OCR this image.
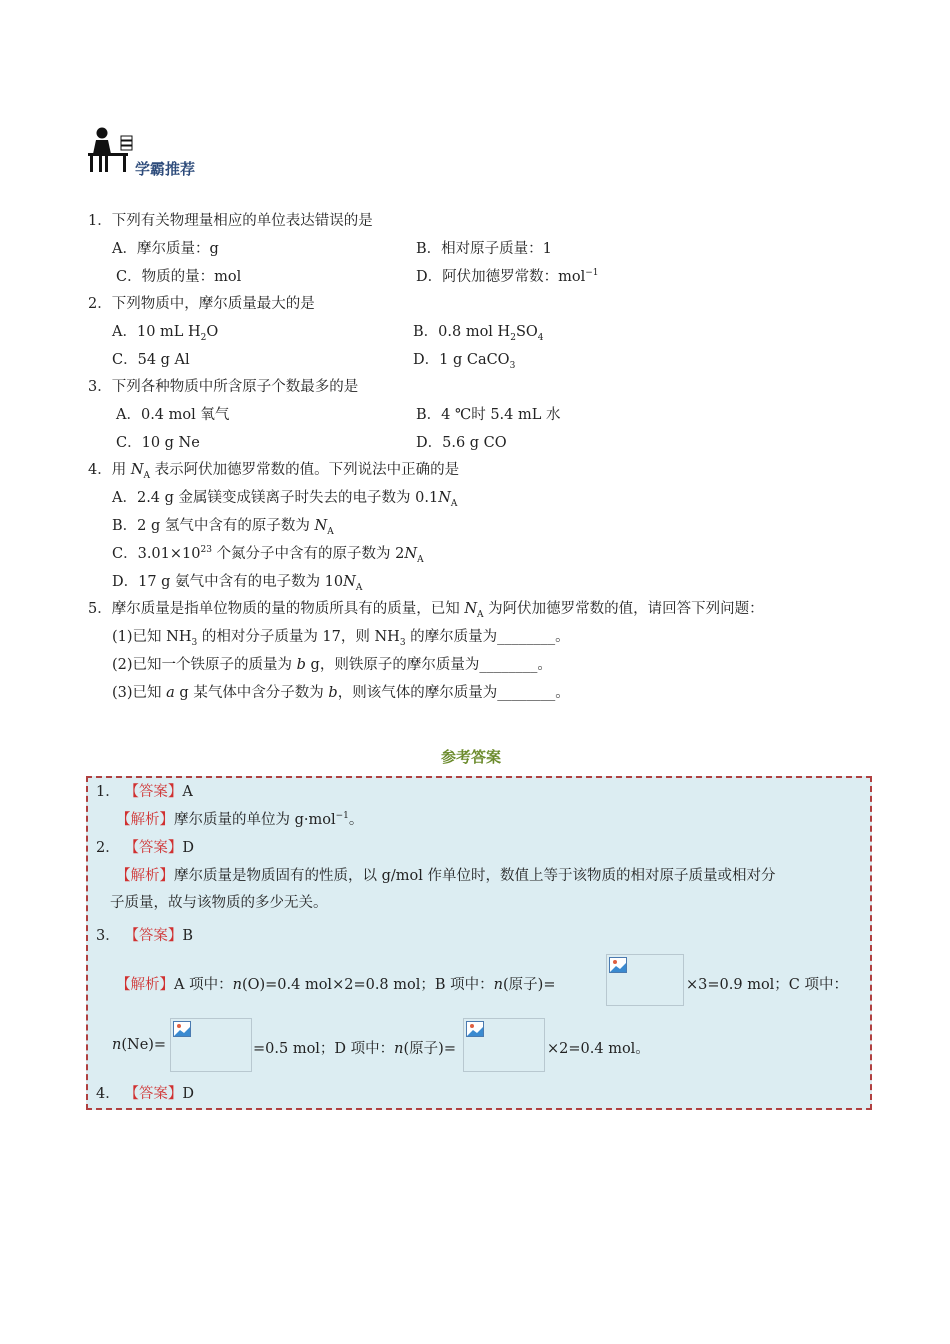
学霸推荐
1．下列有关物理量相应的单位表达错误的是
A．摩尔质量：g	B．相对原子质量：1
C．物质的量：mol	D．阿伏加德罗常数：mol$^{-1}$
2．下列物质中，摩尔质量最大的是
A．10 mL $H_2O$	B．0.8 mol $H_2SO_4$
C．54 g Al	D．1 g CaCO$_3$
3．下列各种物质中所含原子个数最多的是
A．0.4 mol 氧气	B．4 ℃时 5.4 mL 水
C．10 g Ne	D．5.6 g CO
4．用 $N_A$ 表示阿伏加德罗常数的值。下列说法中正确的是
A．2.4 g 金属镁变成镁离子时失去的电子数为 $0.1N_A$
B．2 g 氢气中含有的原子数为 $N_A$
C．$3.01\times 10^{23}$ 个氮分子中含有的原子数为 $2N_A$
D．17 g 氨气中含有的电子数为 $10N_A$
5．摩尔质量是指单位物质的量的物质所具有的质量，已知 $N_A$ 为阿伏加德罗常数的值，请回答下列问题：
(1)已知 $NH_3$ 的相对分子质量为 17，则 $NH_3$ 的摩尔质量为________。
(2)已知一个铁原子的质量为 b g，则铁原子的摩尔质量为________。
(3)已知 a g 某气体中含分子数为 b，则该气体的摩尔质量为________。
参考答案
1． 【答案】A
【解析】摩尔质量的单位为 g·mol$^{-1}$。
2． 【答案】D
【解析】摩尔质量是物质固有的性质，以 g/mol 作单位时，数值上等于该物质的相对原子质量或相对分
子质量，故与该物质的多少无关。
3． 【答案】B
【解析】A 项中：n(O)=0.4 mol×2=0.8 mol；B 项中：n(原子)=	×3=0.9 mol；C 项中：
n(Ne)=	=0.5 mol；D 项中：n(原子)=	×2=0.4 mol。
4． 【答案】D
